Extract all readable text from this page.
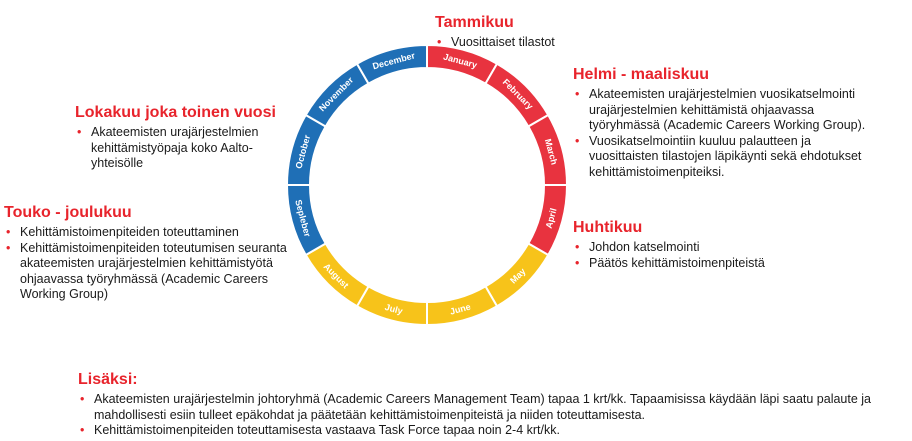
January
February
March
April
May
June
July
August
Sepleber
October
November
December
Tammikuu
• Vuosittaiset tilastot
Helmi - maaliskuu
• Akateemisten urajärjestelmien vuosikatselmointi urajärjestelmien kehittämistä ohjaavassa työryhmässä (Academic Careers Working Group).
• Vuosikatselmointiin kuuluu palautteen ja vuosittaisten tilastojen läpikäynti sekä ehdotukset kehittämistoimenpiteiksi.
Huhtikuu
• Johdon katselmointi
• Päätös kehittämistoimenpiteistä
Lokakuu joka toinen vuosi
• Akateemisten urajärjestelmien kehittämistyöpaja koko Aalto-yhteisölle
Touko - joulukuu
• Kehittämistoimenpiteiden toteuttaminen
• Kehittämistoimenpiteiden toteutumisen seuranta akateemisten urajärjestelmien kehittämistyötä ohjaavassa työryhmässä (Academic Careers Working Group)
Lisäksi:
• Akateemisten urajärjestelmin johtoryhmä (Academic Careers Management Team) tapaa 1 krt/kk. Tapaamisissa käydään läpi saatu palaute ja mahdollisesti esiin tulleet epäkohdat ja päätetään kehittämistoimenpiteistä ja niiden toteuttamisesta.
• Kehittämistoimenpiteiden toteuttamisesta vastaava Task Force tapaa noin 2-4 krt/kk.
